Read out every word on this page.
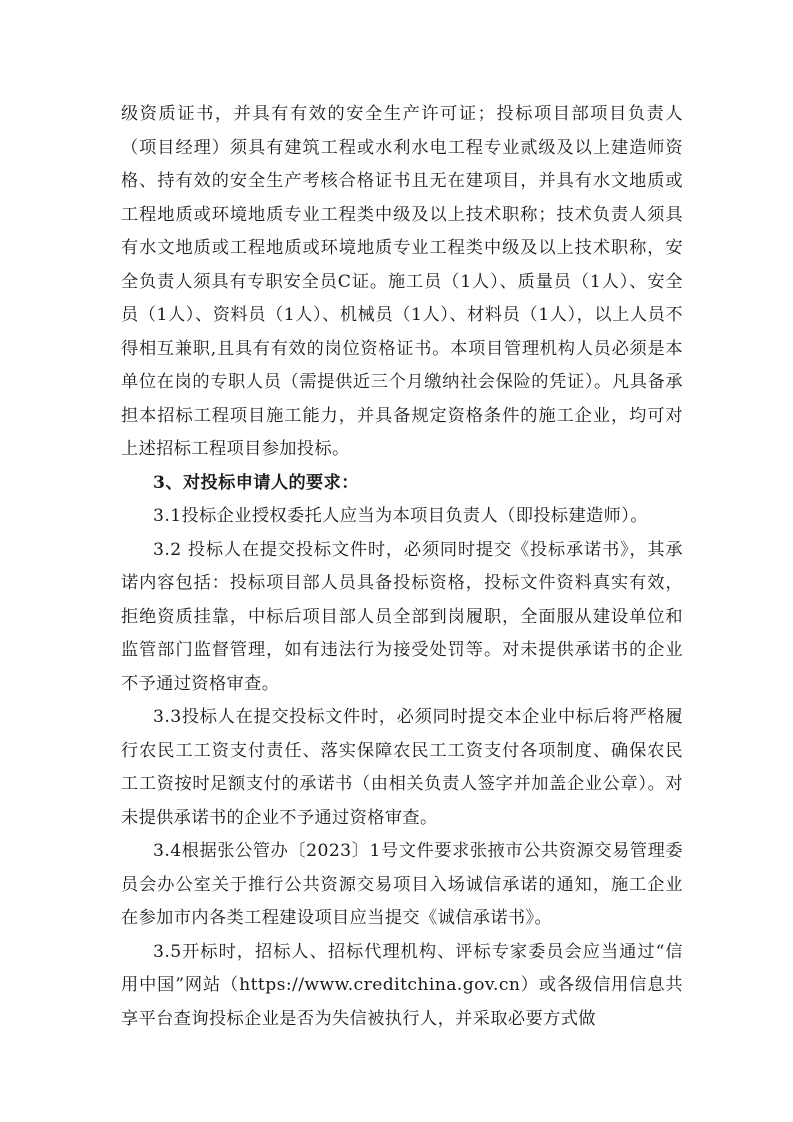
级资质证书，并具有有效的安全生产许可证；投标项目部项目负责人（项目经理）须具有建筑工程或水利水电工程专业贰级及以上建造师资格、持有效的安全生产考核合格证书且无在建项目，并具有水文地质或工程地质或环境地质专业工程类中级及以上技术职称；技术负责人须具有水文地质或工程地质或环境地质专业工程类中级及以上技术职称，安全负责人须具有专职安全员C证。施工员（1人）、质量员（1人）、安全员（1人）、资料员（1人）、机械员（1人）、材料员（1人），以上人员不得相互兼职,且具有有效的岗位资格证书。本项目管理机构人员必须是本单位在岗的专职人员（需提供近三个月缴纳社会保险的凭证）。凡具备承担本招标工程项目施工能力，并具备规定资格条件的施工企业，均可对上述招标工程项目参加投标。

3、对投标申请人的要求：

3.1投标企业授权委托人应当为本项目负责人（即投标建造师）。

3.2 投标人在提交投标文件时，必须同时提交《投标承诺书》，其承诺内容包括：投标项目部人员具备投标资格，投标文件资料真实有效，拒绝资质挂靠，中标后项目部人员全部到岗履职，全面服从建设单位和监管部门监督管理，如有违法行为接受处罚等。对未提供承诺书的企业不予通过资格审查。

3.3投标人在提交投标文件时，必须同时提交本企业中标后将严格履行农民工工资支付责任、落实保障农民工工资支付各项制度、确保农民工工资按时足额支付的承诺书（由相关负责人签字并加盖企业公章）。对未提供承诺书的企业不予通过资格审查。

3.4根据张公管办〔2023〕1号文件要求张掖市公共资源交易管理委员会办公室关于推行公共资源交易项目入场诚信承诺的通知，施工企业在参加市内各类工程建设项目应当提交《诚信承诺书》。

3.5开标时，招标人、招标代理机构、评标专家委员会应当通过“信用中国”网站（https://www.creditchina.gov.cn）或各级信用信息共享平台查询投标企业是否为失信被执行人，并采取必要方式做
